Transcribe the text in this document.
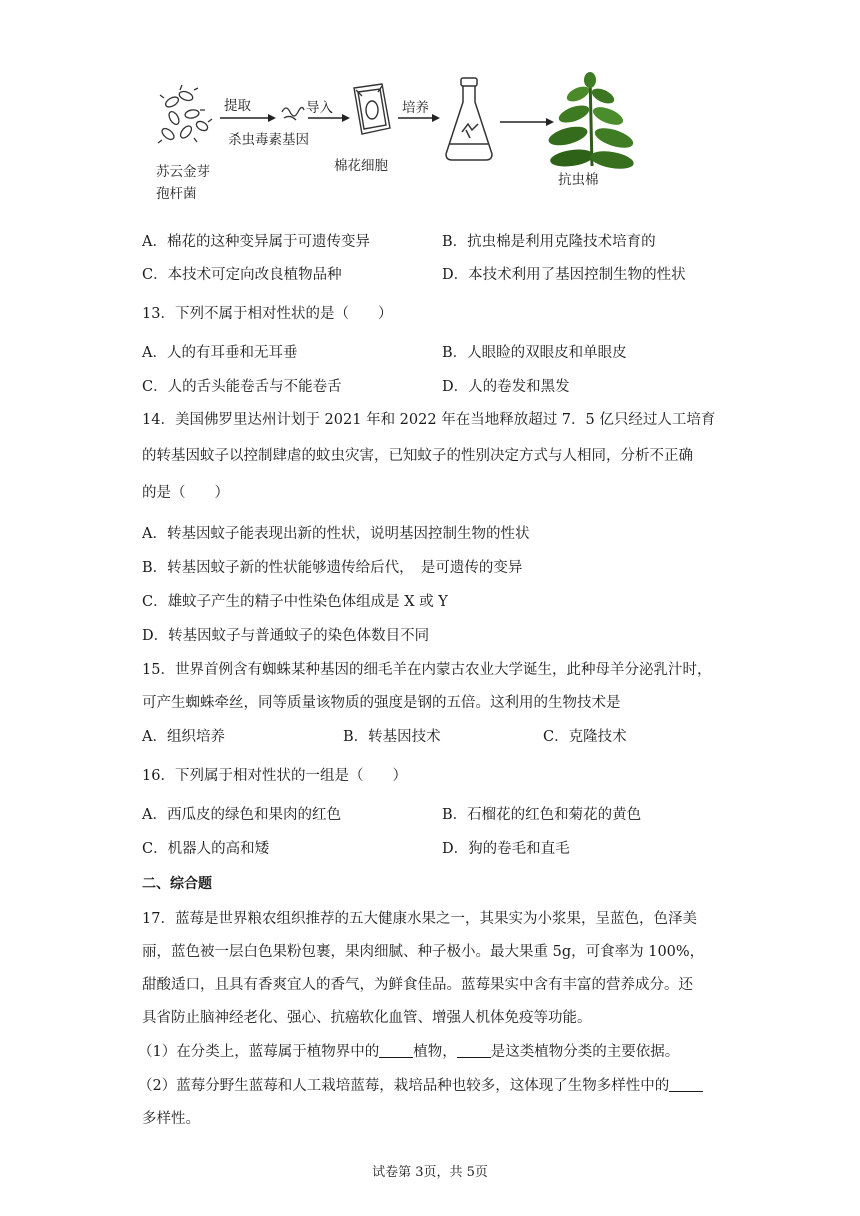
提取
杀虫毒素基因
导入
棉花细胞
培养
苏云金芽
孢杆菌
抗虫棉
A．棉花的这种变异属于可遗传变异	B．抗虫棉是利用克隆技术培育的
C．本技术可定向改良植物品种	D．本技术利用了基因控制生物的性状
13．下列不属于相对性状的是（　　）
A．人的有耳垂和无耳垂	B．人眼睑的双眼皮和单眼皮
C．人的舌头能卷舌与不能卷舌	D．人的卷发和黑发
14．美国佛罗里达州计划于 2021 年和 2022 年在当地释放超过 7．5 亿只经过人工培育
的转基因蚊子以控制肆虐的蚊虫灾害，已知蚊子的性别决定方式与人相同，分析不正确
的是（　　）
A．转基因蚊子能表现出新的性状，说明基因控制生物的性状
B．转基因蚊子新的性状能够遗传给后代，　是可遗传的变异
C．雄蚊子产生的精子中性染色体组成是 X 或 Y
D．转基因蚊子与普通蚊子的染色体数目不同
15．世界首例含有蜘蛛某种基因的细毛羊在内蒙古农业大学诞生，此种母羊分泌乳汁时，
可产生蜘蛛牵丝，同等质量该物质的强度是钢的五倍。这利用的生物技术是
A．组织培养	B．转基因技术	C．克隆技术
16．下列属于相对性状的一组是（　　）
A．西瓜皮的绿色和果肉的红色	B．石榴花的红色和菊花的黄色
C．机器人的高和矮	D．狗的卷毛和直毛
二、综合题
17．蓝莓是世界粮农组织推荐的五大健康水果之一，其果实为小浆果，呈蓝色，色泽美
丽，蓝色被一层白色果粉包裹，果肉细腻、种子极小。最大果重 5g，可食率为 100%，
甜酸适口，且具有香爽宜人的香气，为鲜食佳品。蓝莓果实中含有丰富的营养成分。还
具省防止脑神经老化、强心、抗癌软化血管、增强人机体免疫等功能。
（1）在分类上，蓝莓属于植物界中的 植物， 是这类植物分类的主要依据。
（2）蓝莓分野生蓝莓和人工栽培蓝莓，栽培品种也较多，这体现了生物多样性中的
多样性。
试卷第 3页，共 5页
